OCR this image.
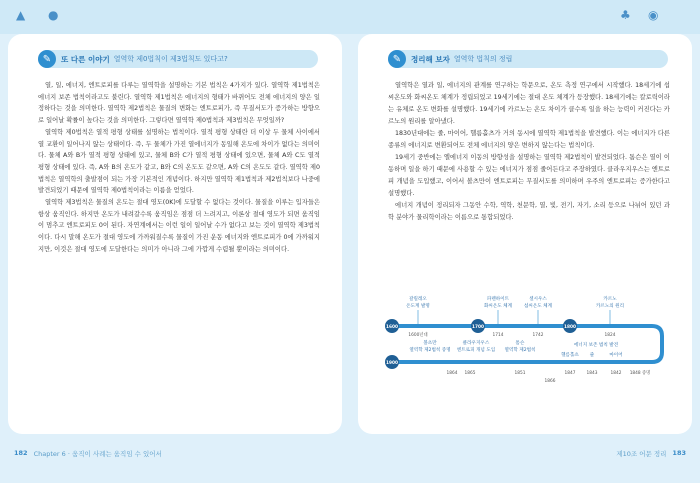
▲ ●	♣ ◉
✎	또 다른 이야기 열역학 제0법칙이 제3법칙도 있다고?

열, 일, 에너지, 엔트로피를 다루는 열역학을 설명하는 기본 법칙은 4가지가 있다. 열역학 제1법칙은 에너지 보존 법칙이라고도 불린다. 열역학 제1법칙은 에너지의 형태가 바뀌어도 전체 에너지의 양은 일정하다는 것을 의미한다. 열역학 제2법칙은 물질의 변화는 엔트로피가, 즉 무질서도가 증가하는 방향으로 일어날 확률이 높다는 것을 의미한다. 그렇다면 열역학 제0법칙과 제3법칙은 무엇일까?

열역학 제0법칙은 열적 평형 상태를 설명하는 법칙이다. 열적 평형 상태란 더 이상 두 물체 사이에서 열 교환이 일어나지 않는 상태이다. 즉, 두 물체가 가진 열에너지가 동일해 온도에 차이가 없다는 의미이다. 물체 A와 B가 열적 평형 상태에 있고, 물체 B와 C가 열적 평형 상태에 있으면, 물체 A와 C도 열적 평형 상태에 있다. 즉, A와 B의 온도가 같고, B와 C의 온도도 같으면, A와 C의 온도도 같다. 열역학 제0법칙은 열역학의 출발점이 되는 가장 기본적인 개념이다. 하지만 열역학 제1법칙과 제2법칙보다 나중에 발견되었기 때문에 열역학 제0법칙이라는 이름을 얻었다.

열역학 제3법칙은 물질의 온도는 절대 영도(0K)에 도달할 수 없다는 것이다. 물질을 이루는 입자들은 항상 움직인다. 하지만 온도가 내려갈수록 움직임은 점점 더 느려지고, 이론상 절대 영도가 되면 움직임이 멈추고 엔트로피도 0이 된다. 자연계에서는 이런 일이 일어날 수가 없다고 보는 것이 열역학 제3법칙이다. 다시 말해 온도가 절대 영도에 가까워질수록 물질이 가진 운동 에너지와 엔트로피가 0에 가까워지지만, 이것은 절대 영도에 도달한다는 의미가 아니라 그에 가깝게 수렴될 뿐이라는 의미이다.

✎	정리해 보자 열역학 법칙의 정립

열역학은 열과 일, 에너지의 관계를 연구하는 학문으로, 온도 측정 연구에서 시작했다. 18세기에 섭씨온도와 화씨온도 체계가 정립되었고 19세기에는 절대 온도 체계가 등장했다. 18세기에는 칼로릭이라는 유체로 온도 변화를 설명했다. 19세기에 카르노는 온도 차이가 클수록 일을 하는 능력이 커진다는 카르노의 원리를 알아냈다.

1830년대에는 줄, 마이어, 헬름홀츠가 거의 동시에 열역학 제1법칙을 발견했다. 이는 에너지가 다른 종류의 에너지로 변환되어도 전체 에너지의 양은 변하지 않는다는 법칙이다.

19세기 중반에는 엘에너지 이동의 방향성을 설명하는 열역학 제2법칙이 발견되었다. 톰슨은 열이 이동하며 일을 하기 때문에 사용할 수 있는 에너지가 점점 줄어든다고 주장하였다. 클라우지우스는 엔트로피 개념을 도입했고, 이어서 볼츠만이 엔트로피는 무질서도를 의미하며 우주의 엔트로피는 증가한다고 설명했다.

에너지 개념이 정리되자 그동안 수학, 역학, 천문학, 열, 빛, 전기, 자기, 소리 등으로 나뉘어 있던 과학 분야가 물리학이라는 이름으로 통합되었다.

1600	1700	1800
1900
갈릴레오
온도계 발명
1600년대
파렌하이트
화씨온도 체계
1714
셀시우스
섭씨온도 체계
1742
카르노
카르노의 원리
1824
볼츠만
열역학 제2법칙 증명
1864
클라우지우스
엔트로피 개념 도입
1865
톰슨
열역학 제2법칙
1851
에너지 보존 법칙 발견
헬름홀츠
1847
줄
1843
마이어
1842 1848 증명
1866
182 Chapter 6 · 움직이 사례는 움직임 수 있어서	제10조 어문 정리 183
